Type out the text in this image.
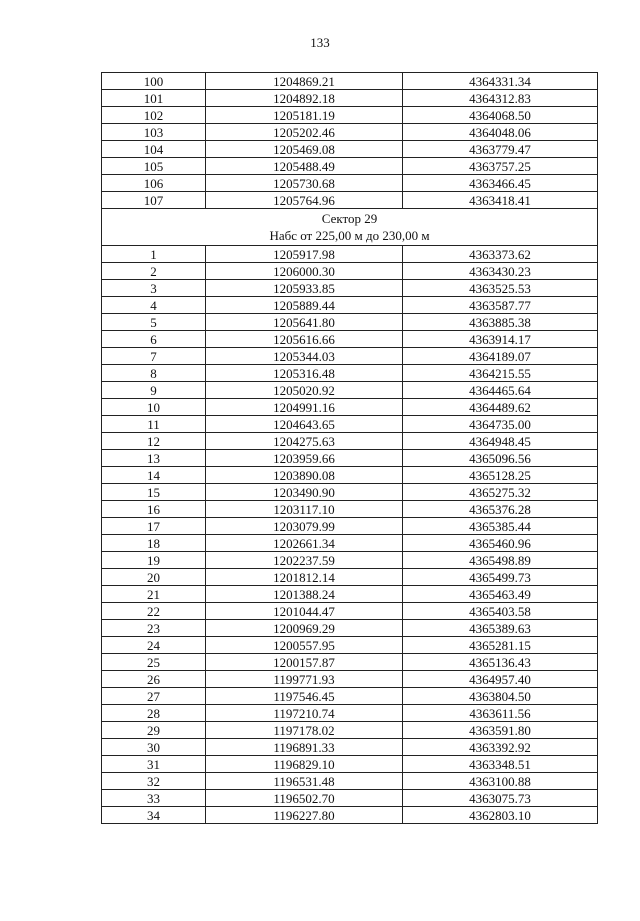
133
100	1204869.21	4364331.34
101	1204892.18	4364312.83
102	1205181.19	4364068.50
103	1205202.46	4364048.06
104	1205469.08	4363779.47
105	1205488.49	4363757.25
106	1205730.68	4363466.45
107	1205764.96	4363418.41

Сектор 29
Набс от 225,00 м до 230,00 м		

1	1205917.98	4363373.62
2	1206000.30	4363430.23
3	1205933.85	4363525.53
4	1205889.44	4363587.77
5	1205641.80	4363885.38
6	1205616.66	4363914.17
7	1205344.03	4364189.07
8	1205316.48	4364215.55
9	1205020.92	4364465.64
10	1204991.16	4364489.62
11	1204643.65	4364735.00
12	1204275.63	4364948.45
13	1203959.66	4365096.56
14	1203890.08	4365128.25
15	1203490.90	4365275.32
16	1203117.10	4365376.28
17	1203079.99	4365385.44
18	1202661.34	4365460.96
19	1202237.59	4365498.89
20	1201812.14	4365499.73
21	1201388.24	4365463.49
22	1201044.47	4365403.58
23	1200969.29	4365389.63
24	1200557.95	4365281.15
25	1200157.87	4365136.43
26	1199771.93	4364957.40
27	1197546.45	4363804.50
28	1197210.74	4363611.56
29	1197178.02	4363591.80
30	1196891.33	4363392.92
31	1196829.10	4363348.51
32	1196531.48	4363100.88
33	1196502.70	4363075.73
34	1196227.80	4362803.10
